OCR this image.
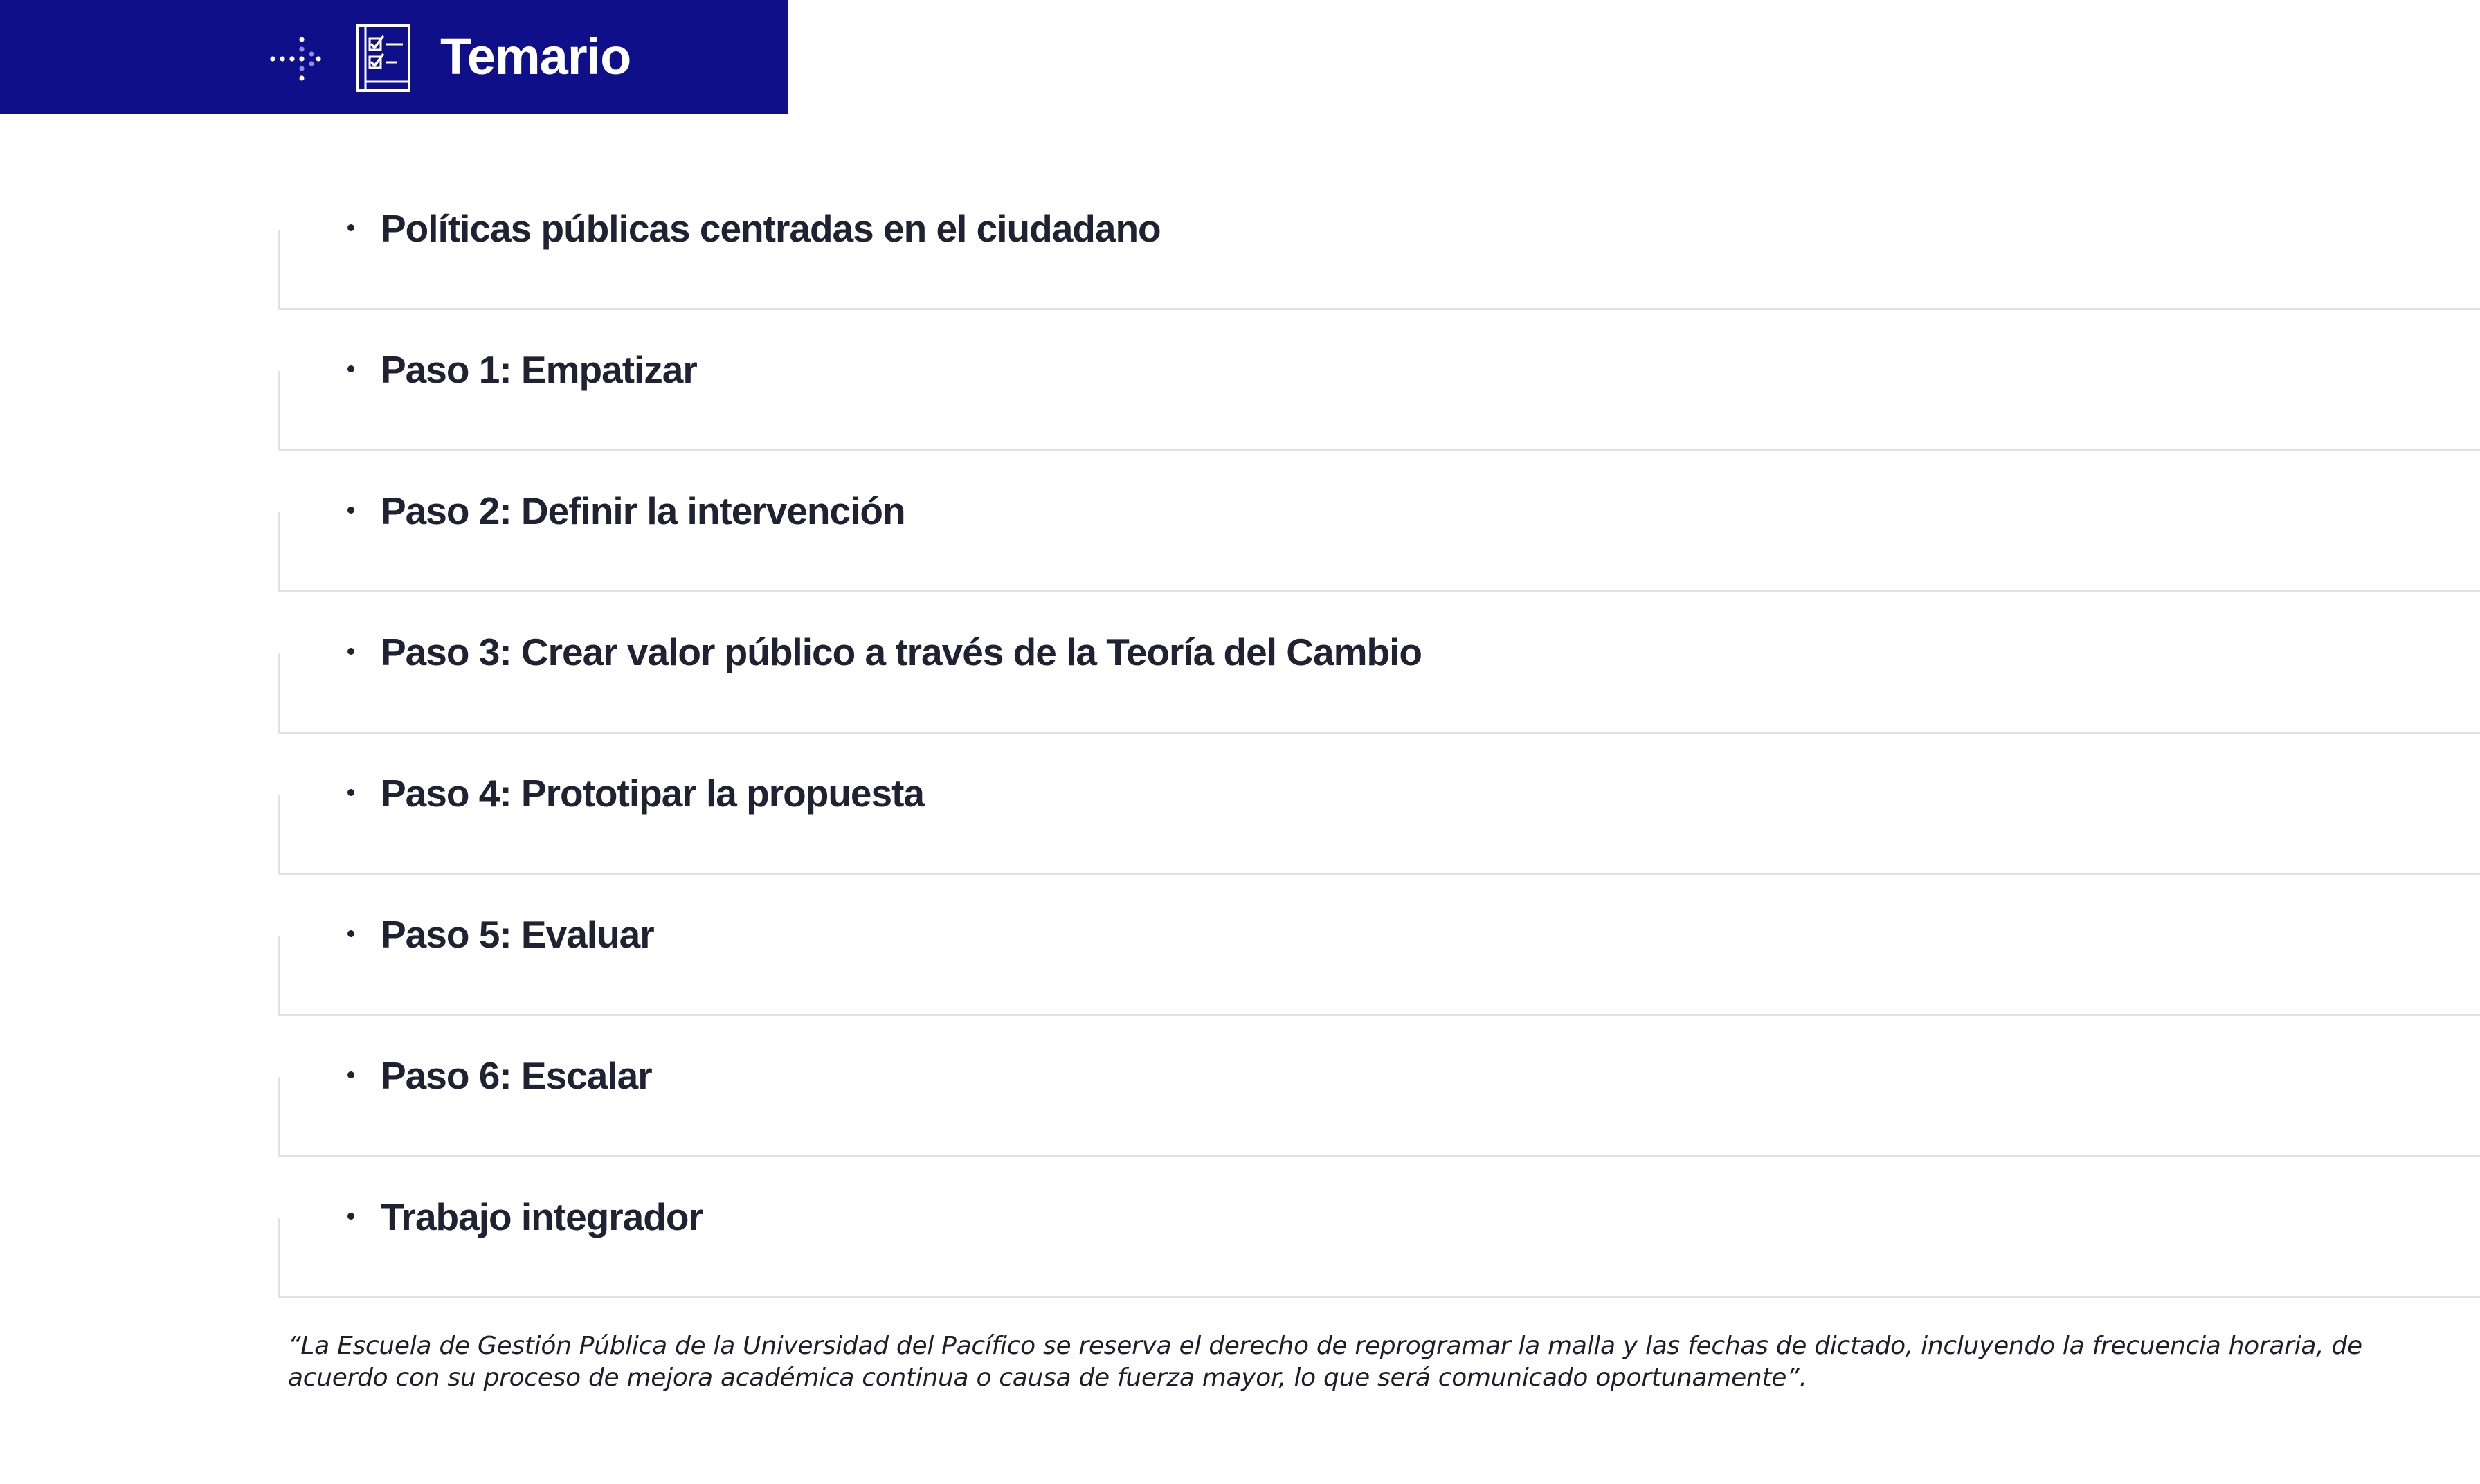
Temario
Políticas públicas centradas en el ciudadano
Paso 1: Empatizar
Paso 2: Definir la intervención
Paso 3: Crear valor público a través de la Teoría del Cambio
Paso 4: Prototipar la propuesta
Paso 5: Evaluar
Paso 6: Escalar
Trabajo integrador

“La Escuela de Gestión Pública de la Universidad del Pacífico se reserva el derecho de reprogramar la malla y las fechas de dictado, incluyendo la frecuencia horaria, de acuerdo con su proceso de mejora académica continua o causa de fuerza mayor, lo que será comunicado oportunamente”.
